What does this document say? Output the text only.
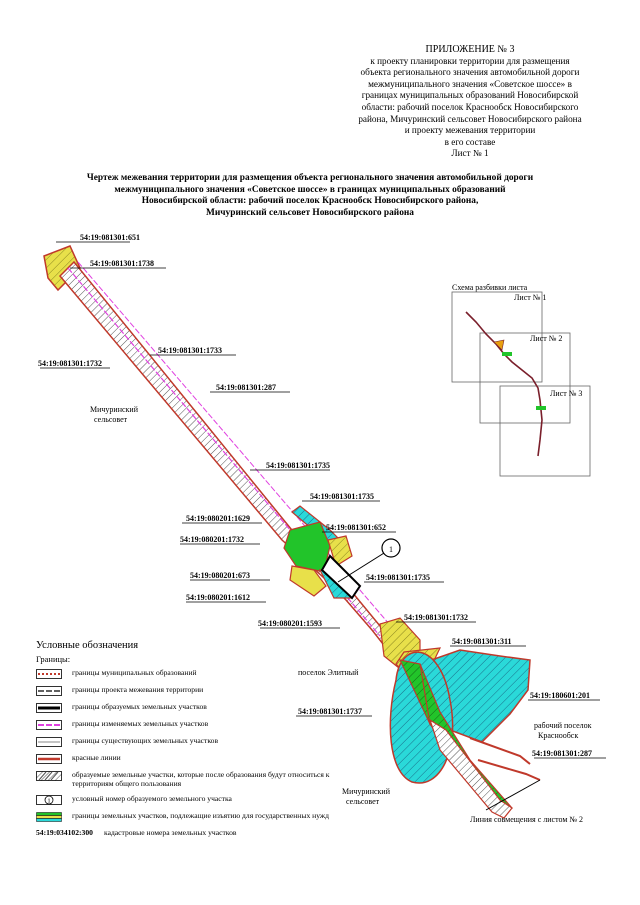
ПРИЛОЖЕНИЕ № 3
к проекту планировки территории для размещения
объекта регионального значения автомобильной дороги
межмуниципального значения «Советское шоссе» в
границах муниципальных образований Новосибирской
области: рабочий поселок Краснообск Новосибирского
района, Мичуринский сельсовет Новосибирского района
и проекту межевания территории
в его составе
Лист № 1
Чертеж межевания территории для размещения объекта регионального значения автомобильной дороги
межмуниципального значения «Советское шоссе» в границах муниципальных образований
Новосибирской области: рабочий поселок Краснообск Новосибирского района,
Мичуринский сельсовет Новосибирского района
1
54:19:081301:651
54:19:081301:1738
54:19:081301:1733
54:19:081301:1732
54:19:081301:287
54:19:081301:1735
54:19:081301:1735
54:19:080201:1629
54:19:081301:652
54:19:080201:1732
54:19:080201:673	54:19:081301:1735
54:19:080201:1612
54:19:081301:1732
54:19:080201:1593
54:19:081301:311
54:19:180601:201
54:19:081301:1737
54:19:081301:287
Мичуринский
сельсовет
поселок Элитный
рабочий поселок
Краснообск
Мичуринский
сельсовет
Линия совмещения с листом № 2
Схема разбивки листа
Лист № 1
Лист № 2
Лист № 3
Условные обозначения
Границы:
границы муниципальных образований
границы проекта межевания территории
границы образуемых земельных участков
границы изменяемых земельных участков
границы существующих земельных участков
красные линии
образуемые земельные участки, которые после образования будут относиться к территориям общего пользования
1	условный номер образуемого земельного участка
границы земельных участков, подлежащие изъятию для государственных нужд
54:19:034102:300	кадастровые номера земельных участков
